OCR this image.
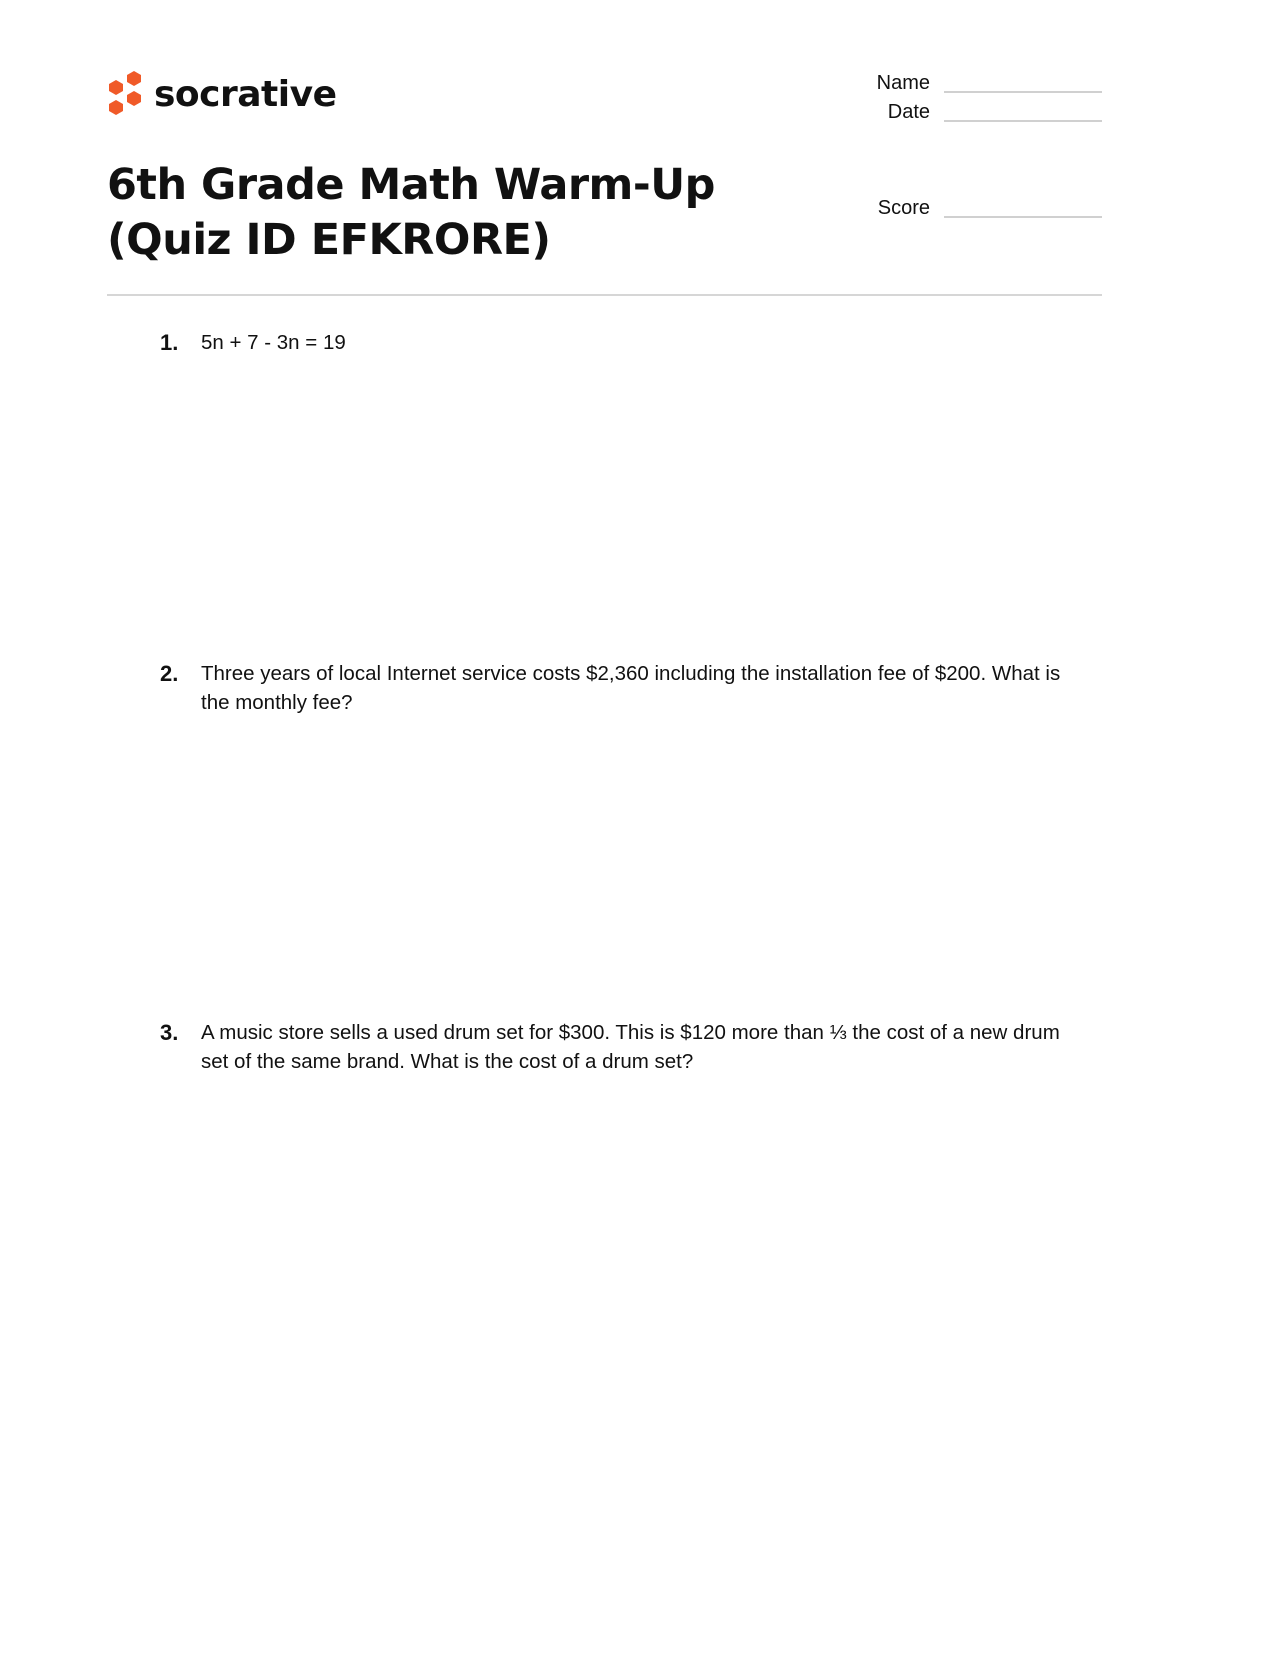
socrative	Name
Date
Score
6th Grade Math Warm-Up (Quiz ID EFKRORE)
1.	5n + 7 - 3n = 19
2.	Three years of local Internet service costs $2,360 including the installation fee of $200. What is the monthly fee?
3.	A music store sells a used drum set for $300. This is $120 more than ⅓ the cost of a new drum set of the same brand. What is the cost of a drum set?
